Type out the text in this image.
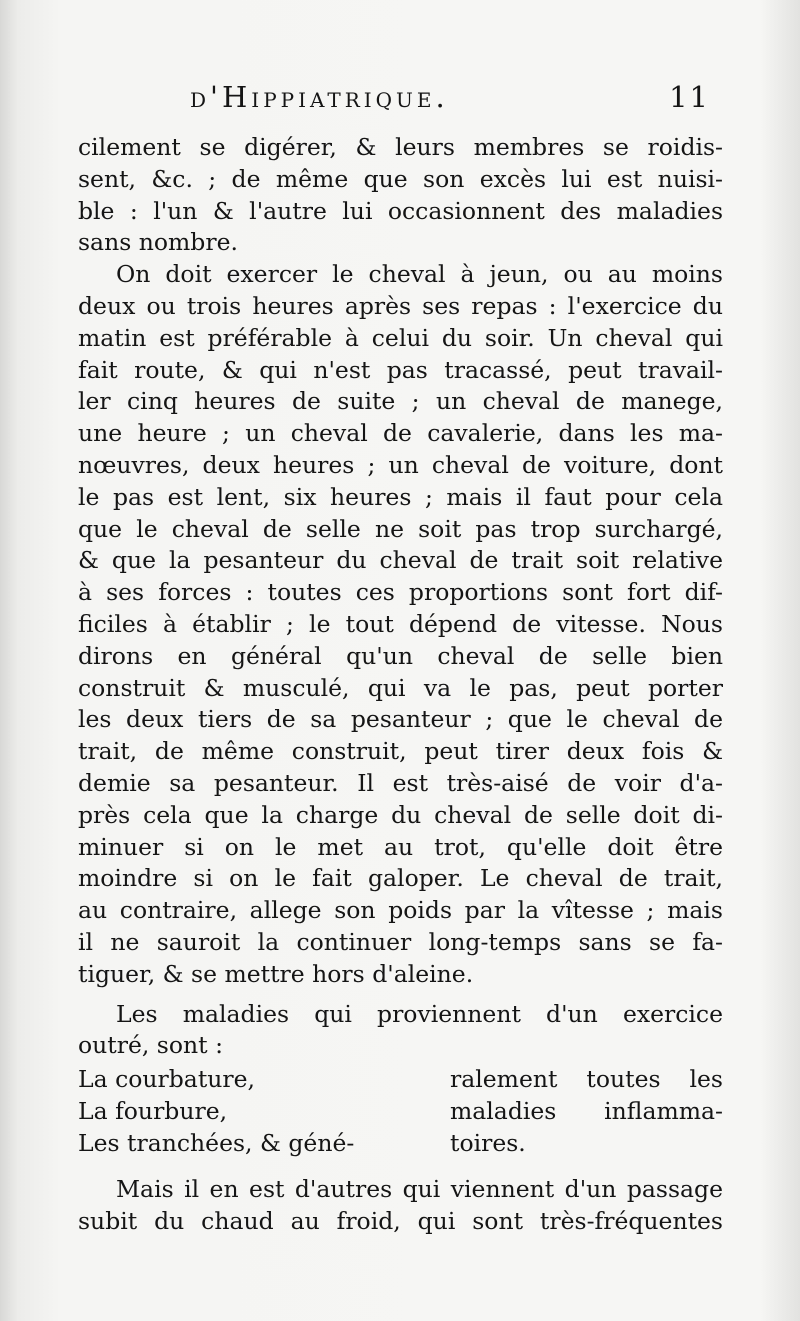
d'Hippiatrique.	11
cilement se digérer, & leurs membres se roidis-
sent, &c. ; de même que son excès lui est nuisi-
ble : l'un & l'autre lui occasionnent des maladies
sans nombre.
On doit exercer le cheval à jeun, ou au moins
deux ou trois heures après ses repas : l'exercice du
matin est préférable à celui du soir. Un cheval qui
fait route, & qui n'est pas tracassé, peut travail-
ler cinq heures de suite ; un cheval de manege,
une heure ; un cheval de cavalerie, dans les ma-
nœuvres, deux heures ; un cheval de voiture, dont
le pas est lent, six heures ; mais il faut pour cela
que le cheval de selle ne soit pas trop surchargé,
& que la pesanteur du cheval de trait soit relative
à ses forces : toutes ces proportions sont fort dif-
ficiles à établir ; le tout dépend de vitesse. Nous
dirons en général qu'un cheval de selle bien
construit & musculé, qui va le pas, peut porter
les deux tiers de sa pesanteur ; que le cheval de
trait, de même construit, peut tirer deux fois &
demie sa pesanteur. Il est très-aisé de voir d'a-
près cela que la charge du cheval de selle doit di-
minuer si on le met au trot, qu'elle doit être
moindre si on le fait galoper. Le cheval de trait,
au contraire, allege son poids par la vîtesse ; mais
il ne sauroit la continuer long-temps sans se fa-
tiguer, & se mettre hors d'aleine.
Les maladies qui proviennent d'un exercice
outré, sont :
La courbature,
La fourbure,
Les tranchées, & géné-
ralement toutes les
maladies inflamma-
toires.
Mais il en est d'autres qui viennent d'un passage
subit du chaud au froid, qui sont très-fréquentes
